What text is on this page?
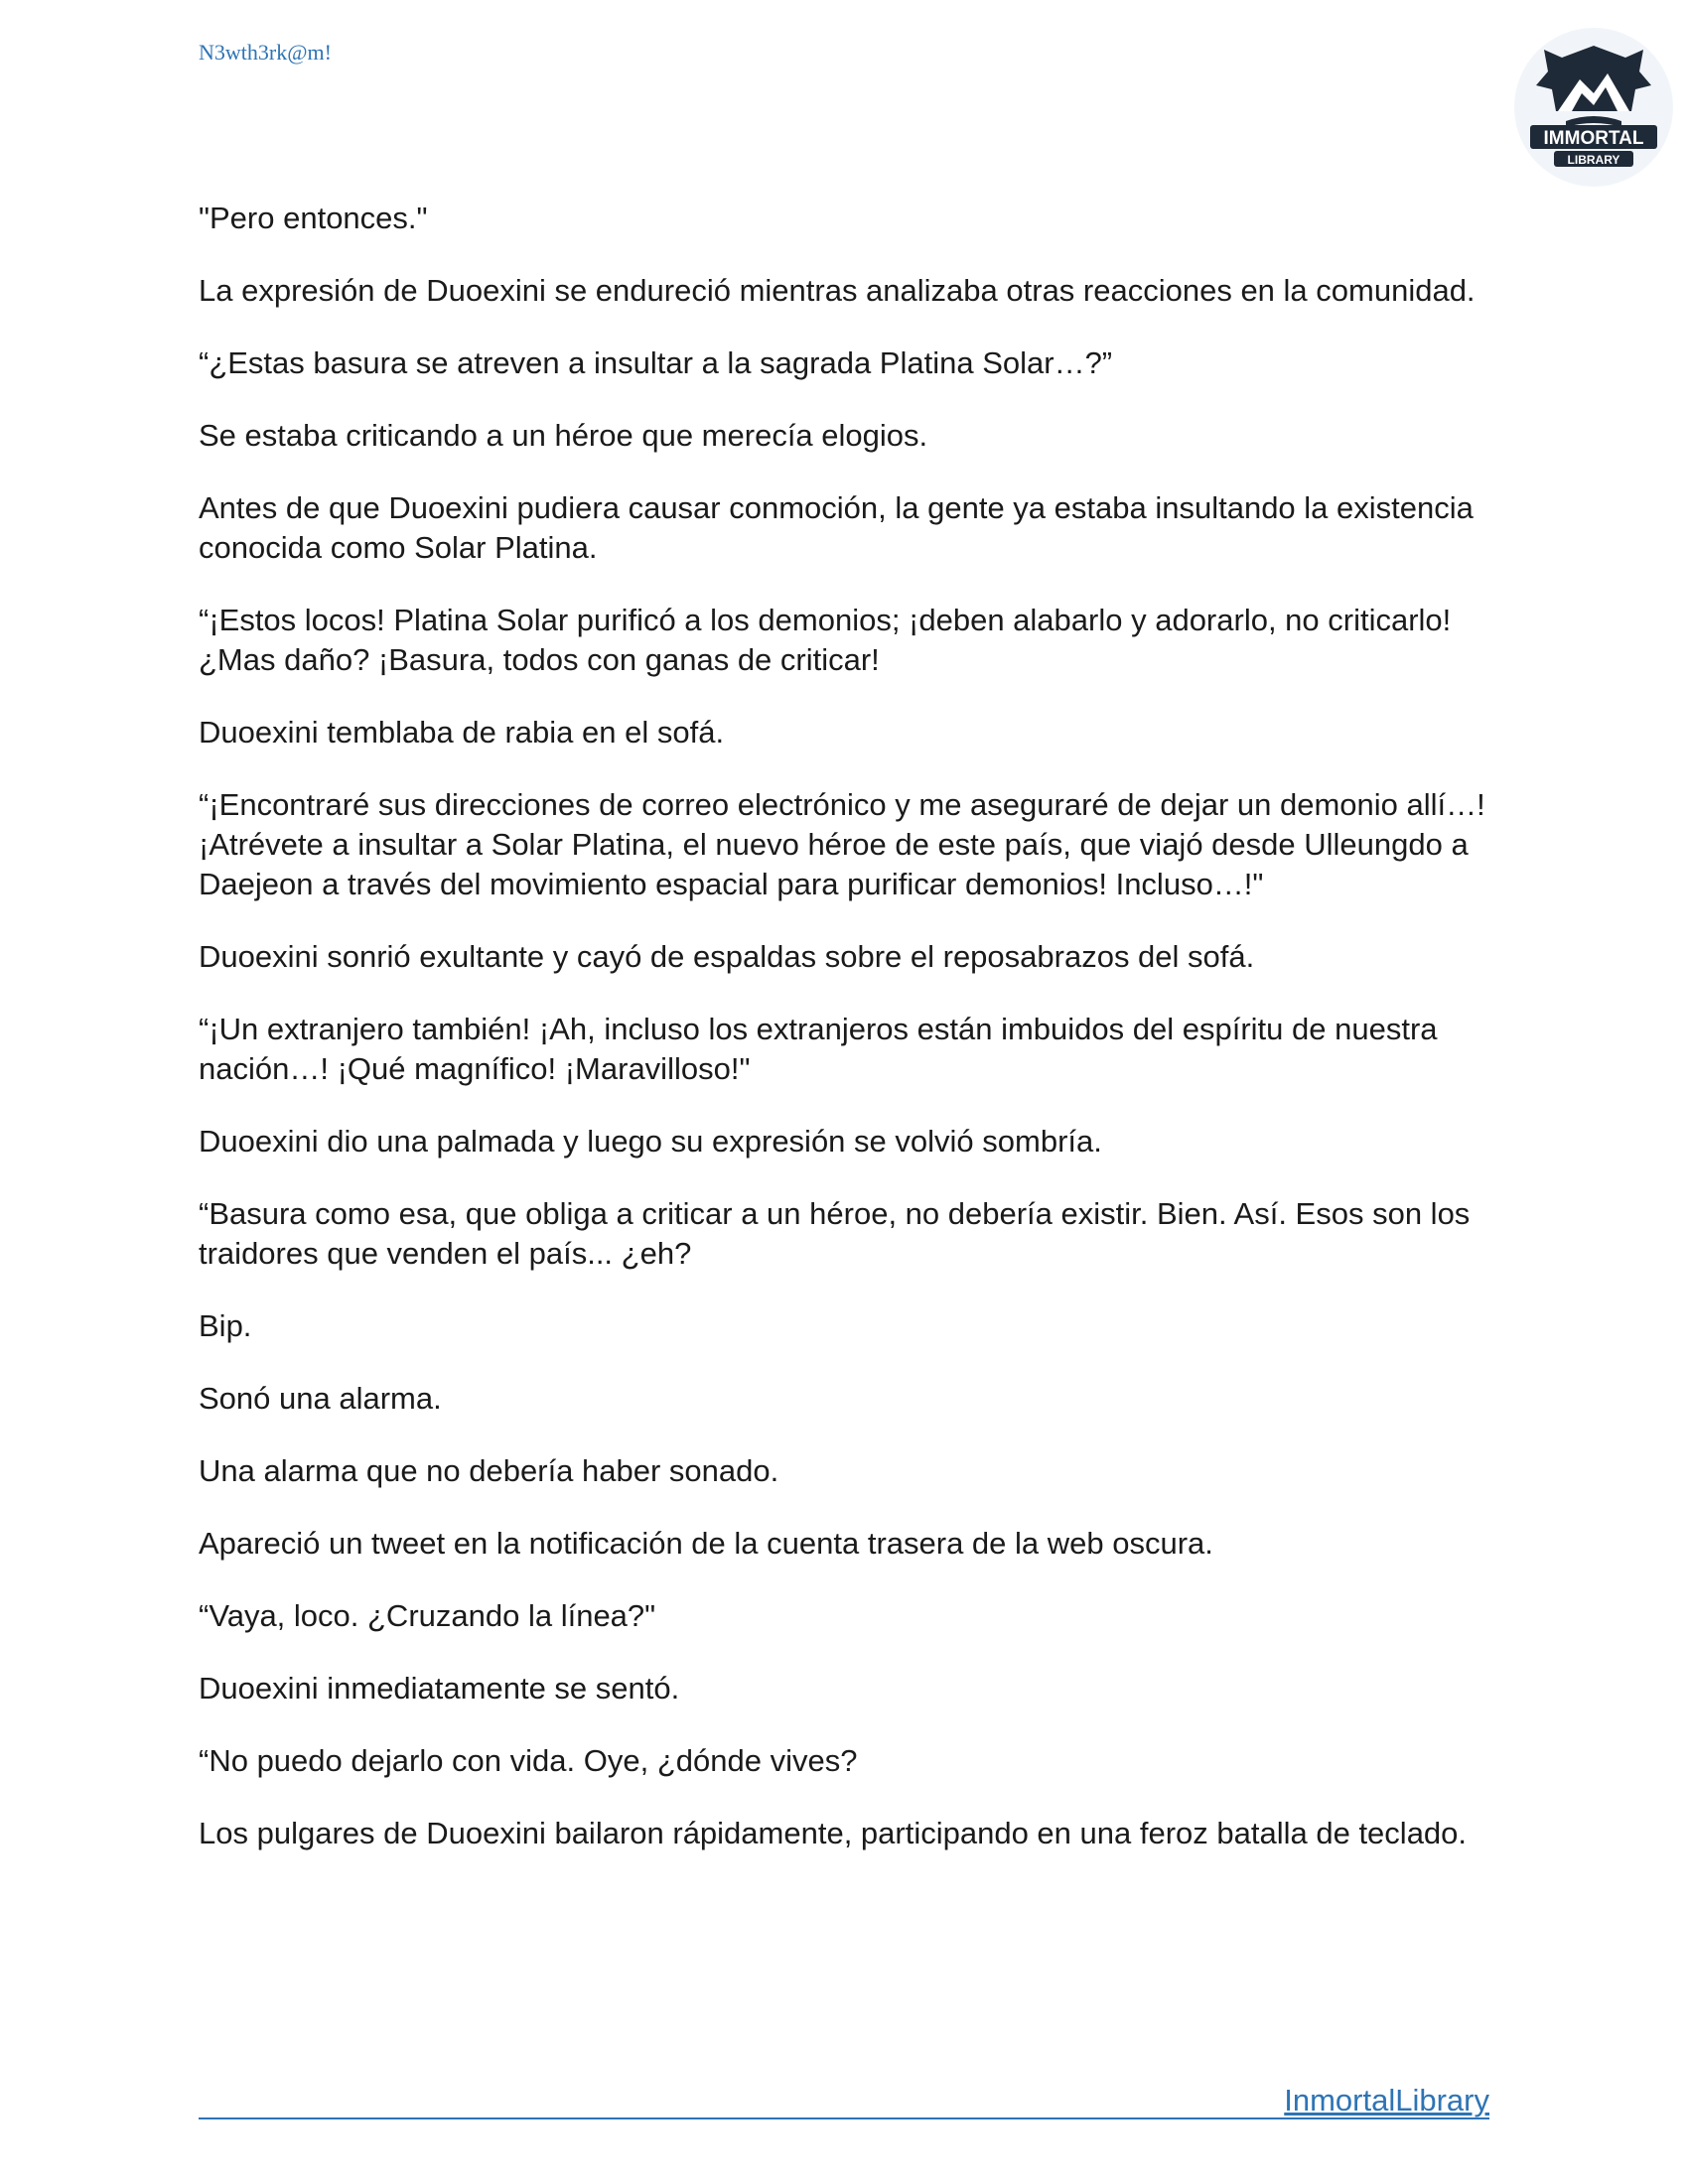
N3wth3rk@m!
IMMORTAL
LIBRARY

"Pero entonces."

La expresión de Duoexini se endureció mientras analizaba otras reacciones en la comunidad.

“¿Estas basura se atreven a insultar a la sagrada Platina Solar…?”

Se estaba criticando a un héroe que merecía elogios.

Antes de que Duoexini pudiera causar conmoción, la gente ya estaba insultando la existencia conocida como Solar Platina.

“¡Estos locos! Platina Solar purificó a los demonios; ¡deben alabarlo y adorarlo, no criticarlo! ¿Mas daño? ¡Basura, todos con ganas de criticar!

Duoexini temblaba de rabia en el sofá.

“¡Encontraré sus direcciones de correo electrónico y me aseguraré de dejar un demonio allí…! ¡Atrévete a insultar a Solar Platina, el nuevo héroe de este país, que viajó desde Ulleungdo a Daejeon a través del movimiento espacial para purificar demonios! Incluso…!"

Duoexini sonrió exultante y cayó de espaldas sobre el reposabrazos del sofá.

“¡Un extranjero también! ¡Ah, incluso los extranjeros están imbuidos del espíritu de nuestra nación…! ¡Qué magnífico! ¡Maravilloso!"

Duoexini dio una palmada y luego su expresión se volvió sombría.

“Basura como esa, que obliga a criticar a un héroe, no debería existir. Bien. Así. Esos son los traidores que venden el país... ¿eh?

Bip.

Sonó una alarma.

Una alarma que no debería haber sonado.

Apareció un tweet en la notificación de la cuenta trasera de la web oscura.

“Vaya, loco. ¿Cruzando la línea?"

Duoexini inmediatamente se sentó.

“No puedo dejarlo con vida. Oye, ¿dónde vives?

Los pulgares de Duoexini bailaron rápidamente, participando en una feroz batalla de teclado.

InmortalLibrary
